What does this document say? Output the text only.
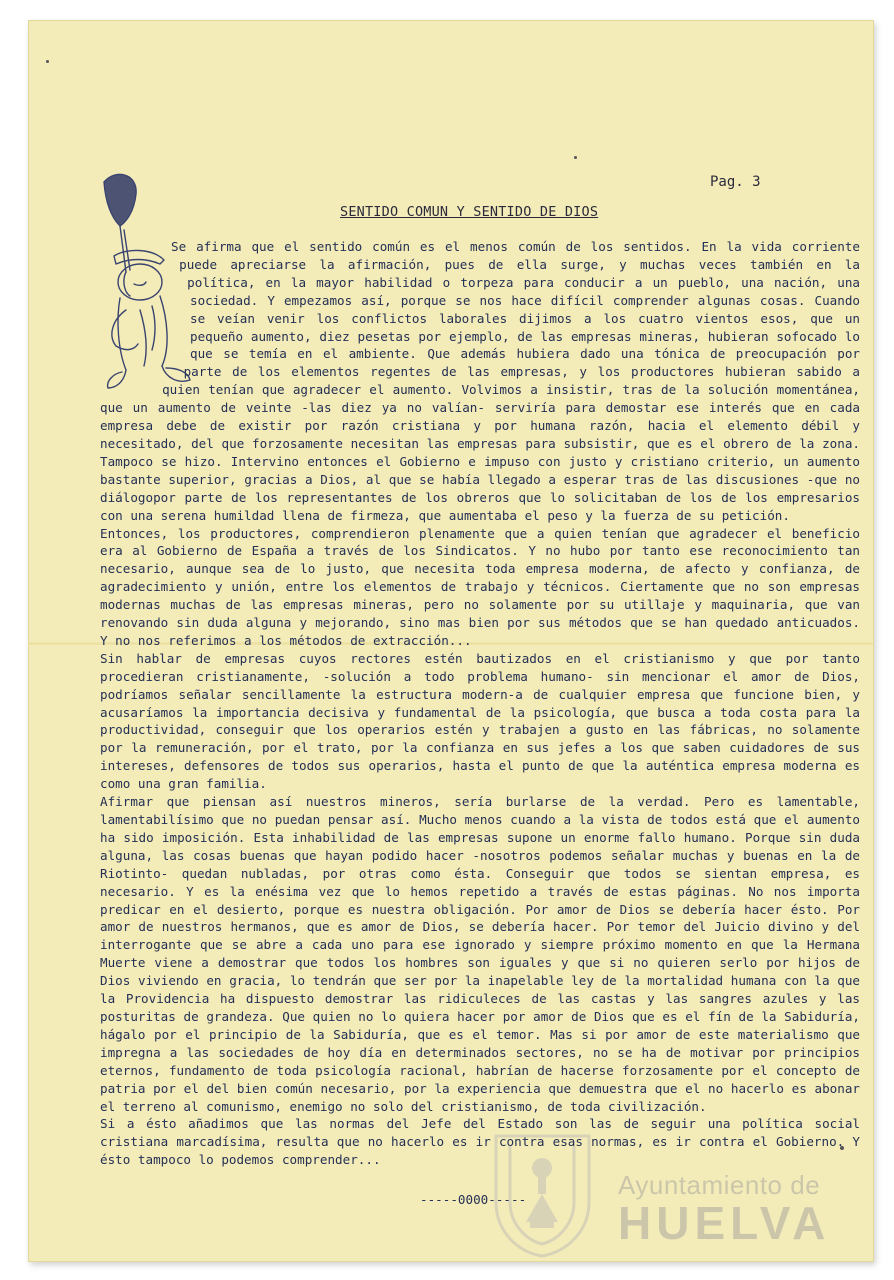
Pag. 3
SENTIDO COMUN Y SENTIDO DE DIOS

Se afirma que el sentido común es el menos común de los sentidos. En la vida corriente puede apreciarse la afirmación, pues de ella surge, y muchas veces también en la política, en la mayor habilidad o torpeza para conducir a un pueblo, una nación, una sociedad. Y empezamos así, porque se nos hace difícil comprender algunas cosas. Cuando se veían venir los conflictos laborales dijimos a los cuatro vientos esos, que un pequeño aumento, diez pesetas por ejemplo, de las empresas mineras, hubieran sofocado lo que se temía en el ambiente. Que además hubiera dado una tónica de preocupación por parte de los elementos regentes de las empresas, y los productores hubieran sabido a quien tenían que agradecer el aumento. Volvimos a insistir, tras de la solución momentánea, que un aumento de veinte -las diez ya no valían- serviría para demostar ese interés que en cada empresa debe de existir por razón cristiana y por humana razón, hacia el elemento débil y necesitado, del que forzosamente necesitan las empresas para subsistir, que es el obrero de la zona. Tampoco se hizo. Intervino entonces el Gobierno e impuso con justo y cristiano criterio, un aumento bastante superior, gracias a Dios, al que se había llegado a esperar tras de las discusiones -que no diálogopor parte de los representantes de los obreros que lo solicitaban de los de los empresarios con una serena humildad llena de firmeza, que aumentaba el peso y la fuerza de su petición.

Entonces, los productores, comprendieron plenamente que a quien tenían que agradecer el beneficio era al Gobierno de España a través de los Sindicatos. Y no hubo por tanto ese reconocimiento tan necesario, aunque sea de lo justo, que necesita toda empresa moderna, de afecto y confianza, de agradecimiento y unión, entre los elementos de trabajo y técnicos. Ciertamente que no son empresas modernas muchas de las empresas mineras, pero no solamente por su utillaje y maquinaria, que van renovando sin duda alguna y mejorando, sino mas bien por sus métodos que se han quedado anticuados. Y no nos referimos a los métodos de extracción...

Sin hablar de empresas cuyos rectores estén bautizados en el cristianismo y que por tanto procedieran cristianamente, -solución a todo problema humano- sin mencionar el amor de Dios, podríamos señalar sencillamente la estructura modern-a de cualquier empresa que funcione bien, y acusaríamos la importancia decisiva y fundamental de la psicología, que busca a toda costa para la productividad, conseguir que los operarios estén y trabajen a gusto en las fábricas, no solamente por la remuneración, por el trato, por la confianza en sus jefes a los que saben cuidadores de sus intereses, defensores de todos sus operarios, hasta el punto de que la auténtica empresa moderna es como una gran familia.

Afirmar que piensan así nuestros mineros, sería burlarse de la verdad. Pero es lamentable, lamentabilísimo que no puedan pensar así. Mucho menos cuando a la vista de todos está que el aumento ha sido imposición. Esta inhabilidad de las empresas supone un enorme fallo humano. Porque sin duda alguna, las cosas buenas que hayan podido hacer -nosotros podemos señalar muchas y buenas en la de Riotinto- quedan nubladas, por otras como ésta. Conseguir que todos se sientan empresa, es necesario. Y es la enésima vez que lo hemos repetido a través de estas páginas. No nos importa predicar en el desierto, porque es nuestra obligación. Por amor de Dios se debería hacer ésto. Por amor de nuestros hermanos, que es amor de Dios, se debería hacer. Por temor del Juicio divino y del interrogante que se abre a cada uno para ese ignorado y siempre próximo momento en que la Hermana Muerte viene a demostrar que todos los hombres son iguales y que si no quieren serlo por hijos de Dios viviendo en gracia, lo tendrán que ser por la inapelable ley de la mortalidad humana con la que la Providencia ha dispuesto demostrar las ridiculeces de las castas y las sangres azules y las posturitas de grandeza. Que quien no lo quiera hacer por amor de Dios que es el fín de la Sabiduría, hágalo por el principio de la Sabiduría, que es el temor. Mas si por amor de este materialismo que impregna a las sociedades de hoy día en determinados sectores, no se ha de motivar por principios eternos, fundamento de toda psicología racional, habrían de hacerse forzosamente por el concepto de patria por el del bien común necesario, por la experiencia que demuestra que el no hacerlo es abonar el terreno al comunismo, enemigo no solo del cristianismo, de toda civilización.

Si a ésto añadimos que las normas del Jefe del Estado son las de seguir una política social cristiana marcadísima, resulta que no hacerlo es ir contra esas normas, es ir contra el Gobierno. Y ésto tampoco lo podemos comprender...

-----0000-----	Ayuntamiento de
HUELVA
